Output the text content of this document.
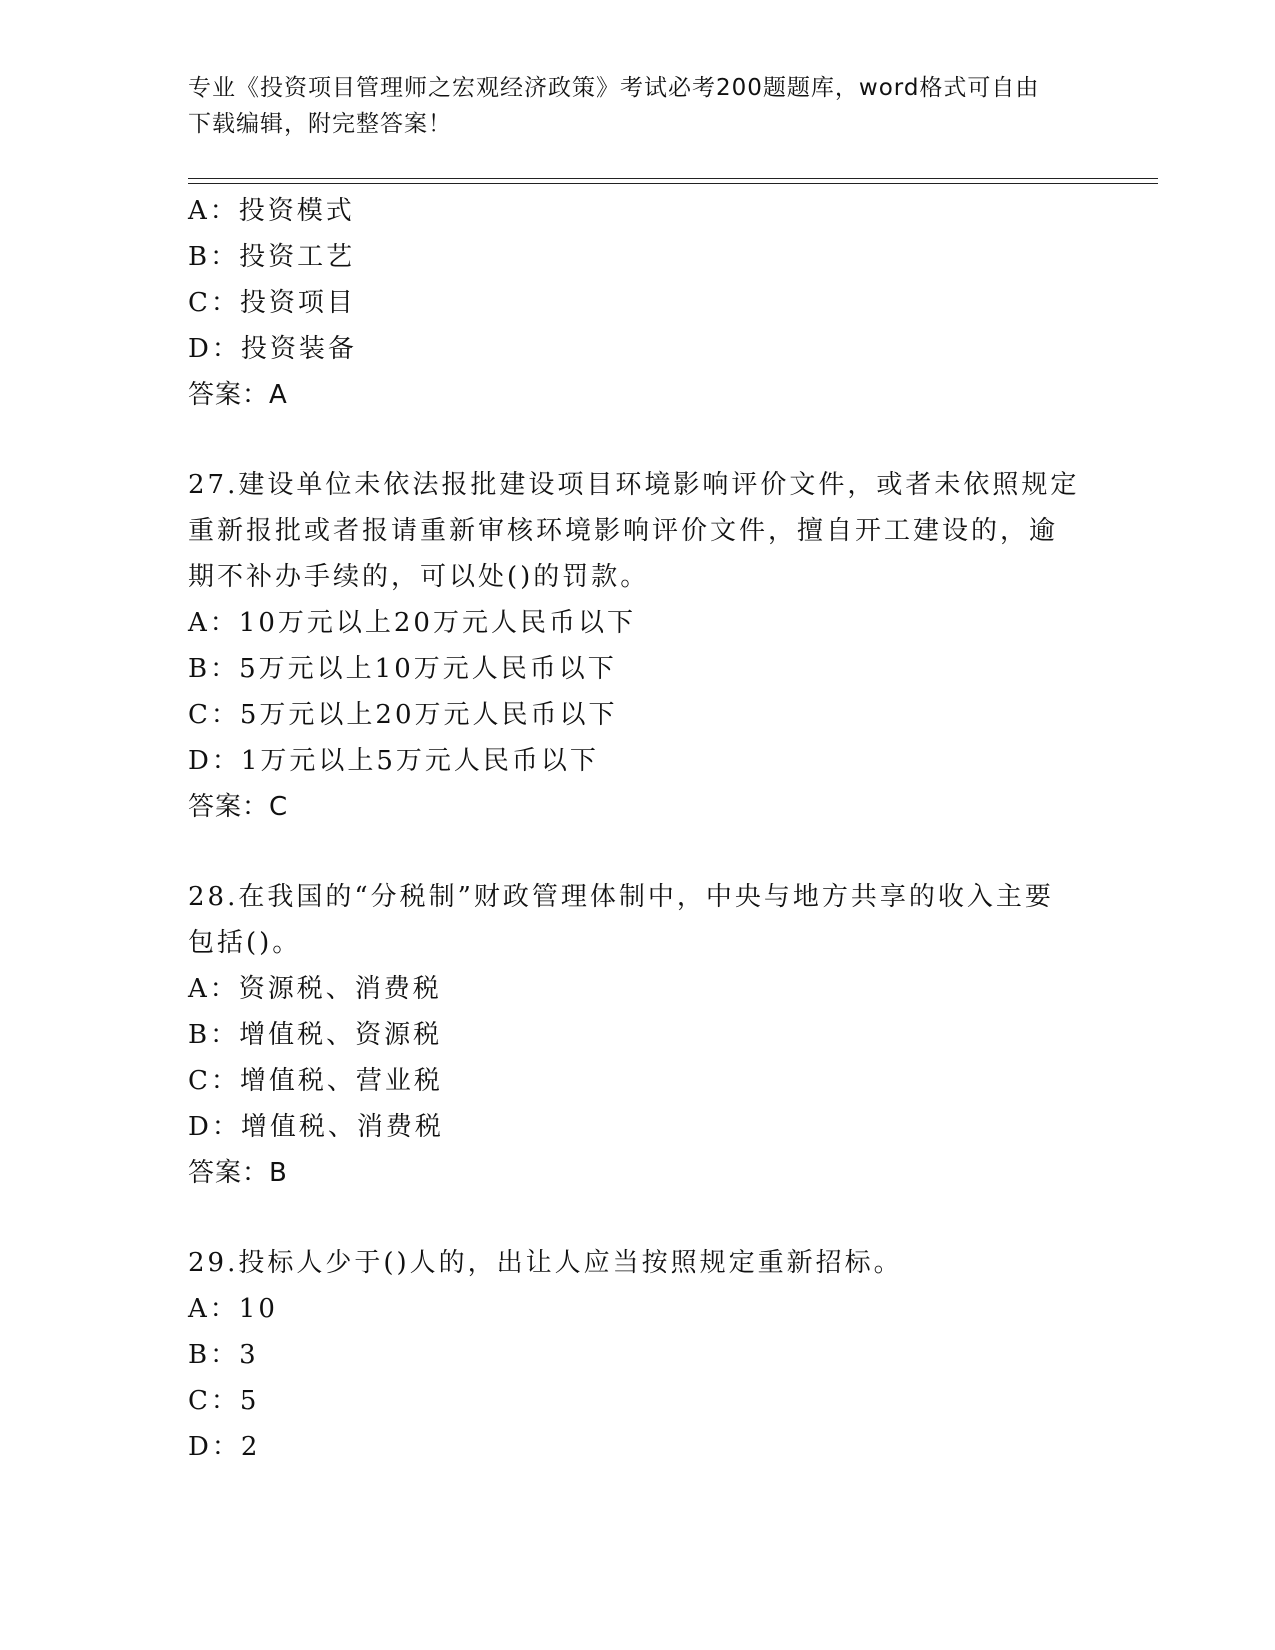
专业《投资项目管理师之宏观经济政策》考试必考200题题库，word格式可自由
下载编辑，附完整答案！
A：投资模式
B：投资工艺
C：投资项目
D：投资装备
答案：A
27.建设单位未依法报批建设项目环境影响评价文件，或者未依照规定
重新报批或者报请重新审核环境影响评价文件，擅自开工建设的，逾
期不补办手续的，可以处()的罚款。
A：10万元以上20万元人民币以下
B：5万元以上10万元人民币以下
C：5万元以上20万元人民币以下
D：1万元以上5万元人民币以下
答案：C
28.在我国的“分税制”财政管理体制中，中央与地方共享的收入主要
包括()。
A：资源税、消费税
B：增值税、资源税
C：增值税、营业税
D：增值税、消费税
答案：B
29.投标人少于()人的，出让人应当按照规定重新招标。
A：10
B：3
C：5
D：2
